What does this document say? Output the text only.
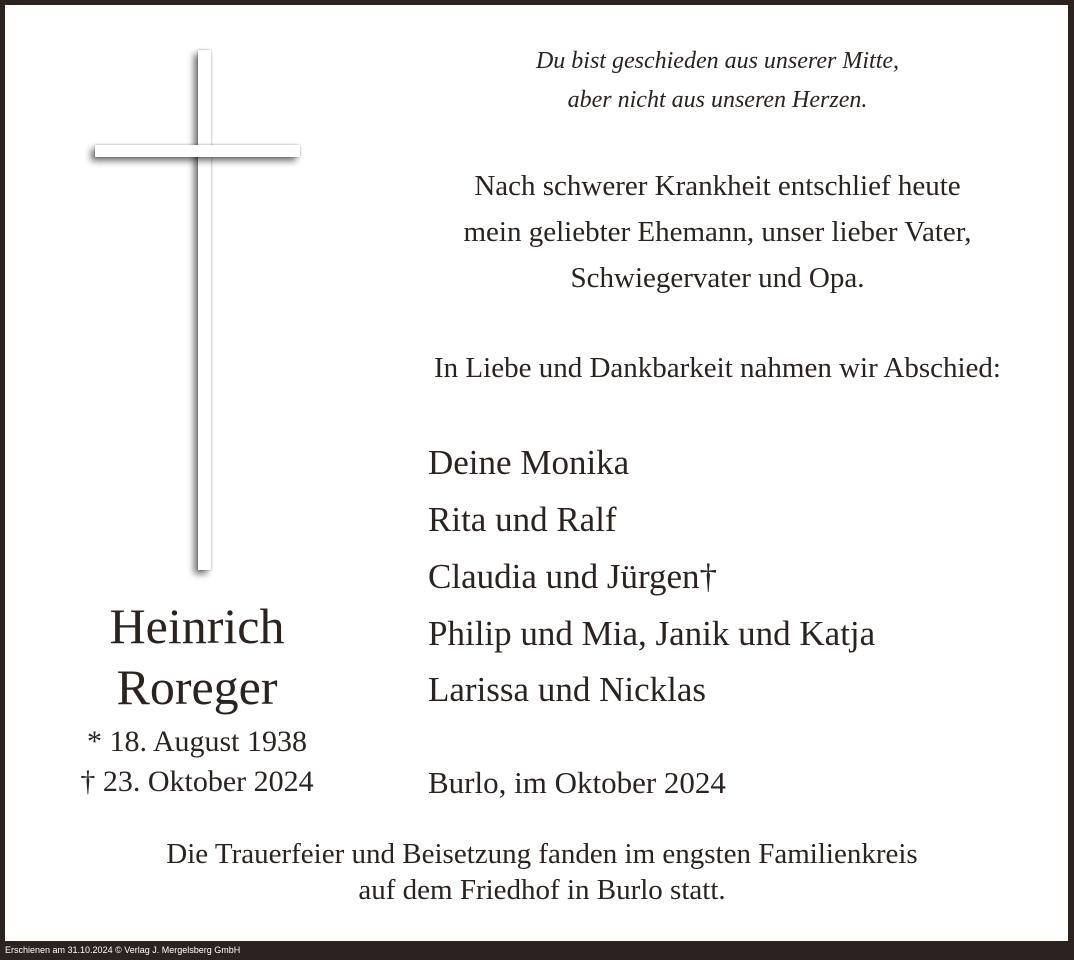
Du bist geschieden aus unserer Mitte,
aber nicht aus unseren Herzen.
Nach schwerer Krankheit entschlief heute
mein geliebter Ehemann, unser lieber Vater,
Schwiegervater und Opa.
In Liebe und Dankbarkeit nahmen wir Abschied:
Heinrich
Roreger
* 18. August 1938
† 23. Oktober 2024
Deine Monika
Rita und Ralf
Claudia und Jürgen†
Philip und Mia, Janik und Katja
Larissa und Nicklas
Burlo, im Oktober 2024
Die Trauerfeier und Beisetzung fanden im engsten Familienkreis
auf dem Friedhof in Burlo statt.
Erschienen am 31.10.2024 © Verlag J. Mergelsberg GmbH
